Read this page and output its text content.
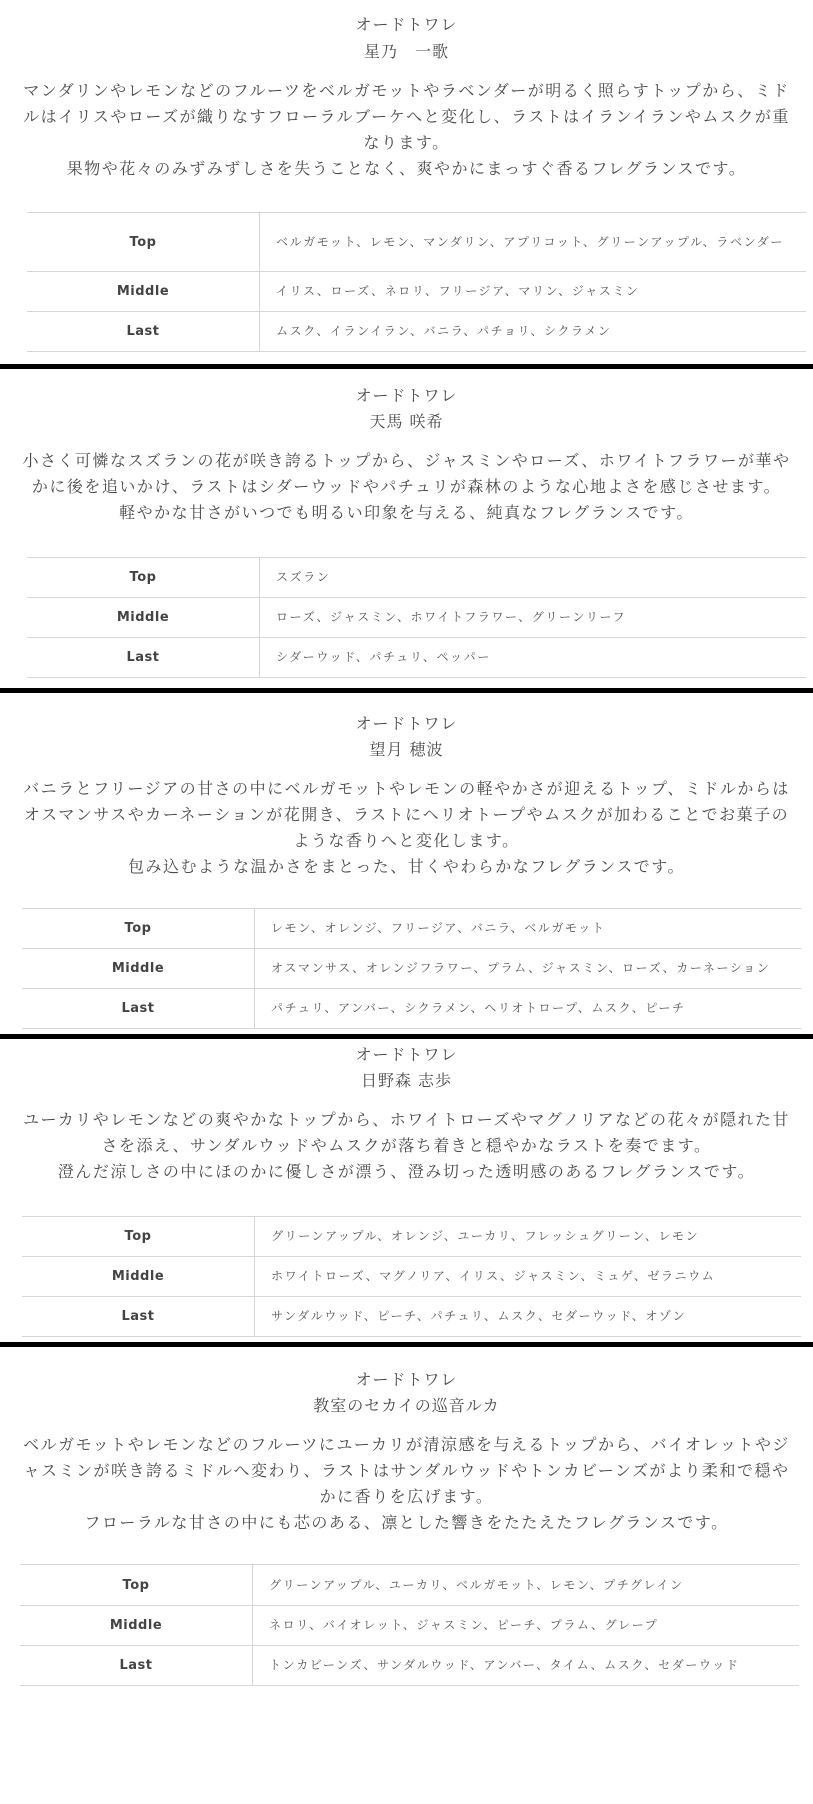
オードトワレ
星乃　一歌

マンダリンやレモンなどのフルーツをベルガモットやラベンダーが明るく照らすトップから、ミド
ルはイリスやローズが織りなすフローラルブーケへと変化し、ラストはイランイランやムスクが重
なります。
果物や花々のみずみずしさを失うことなく、爽やかにまっすぐ香るフレグランスです。

Top	ベルガモット、レモン、マンダリン、アプリコット、グリーンアップル、ラベンダー
Middle	イリス、ローズ、ネロリ、フリージア、マリン、ジャスミン
Last	ムスク、イランイラン、バニラ、パチョリ、シクラメン
オードトワレ
天馬 咲希

小さく可憐なスズランの花が咲き誇るトップから、ジャスミンやローズ、ホワイトフラワーが華や
かに後を追いかけ、ラストはシダーウッドやパチュリが森林のような心地よさを感じさせます。
軽やかな甘さがいつでも明るい印象を与える、純真なフレグランスです。

Top	スズラン
Middle	ローズ、ジャスミン、ホワイトフラワー、グリーンリーフ
Last	シダーウッド、パチュリ、ペッパー
オードトワレ
望月 穂波

バニラとフリージアの甘さの中にベルガモットやレモンの軽やかさが迎えるトップ、ミドルからは
オスマンサスやカーネーションが花開き、ラストにヘリオトープやムスクが加わることでお菓子の
ような香りへと変化します。
包み込むような温かさをまとった、甘くやわらかなフレグランスです。

Top	レモン、オレンジ、フリージア、バニラ、ベルガモット
Middle	オスマンサス、オレンジフラワー、プラム、ジャスミン、ローズ、カーネーション
Last	パチュリ、アンバー、シクラメン、ヘリオトロープ、ムスク、ピーチ
オードトワレ
日野森 志歩

ユーカリやレモンなどの爽やかなトップから、ホワイトローズやマグノリアなどの花々が隠れた甘
さを添え、サンダルウッドやムスクが落ち着きと穏やかなラストを奏でます。
澄んだ涼しさの中にほのかに優しさが漂う、澄み切った透明感のあるフレグランスです。

Top	グリーンアップル、オレンジ、ユーカリ、フレッシュグリーン、レモン
Middle	ホワイトローズ、マグノリア、イリス、ジャスミン、ミュゲ、ゼラニウム
Last	サンダルウッド、ピーチ、パチュリ、ムスク、セダーウッド、オゾン
オードトワレ
教室のセカイの巡音ルカ

ベルガモットやレモンなどのフルーツにユーカリが清涼感を与えるトップから、バイオレットやジ
ャスミンが咲き誇るミドルへ変わり、ラストはサンダルウッドやトンカビーンズがより柔和で穏や
かに香りを広げます。
フローラルな甘さの中にも芯のある、凛とした響きをたたえたフレグランスです。

Top	グリーンアップル、ユーカリ、ベルガモット、レモン、プチグレイン
Middle	ネロリ、バイオレット、ジャスミン、ピーチ、プラム、グレープ
Last	トンカビーンズ、サンダルウッド、アンバー、タイム、ムスク、セダーウッド
